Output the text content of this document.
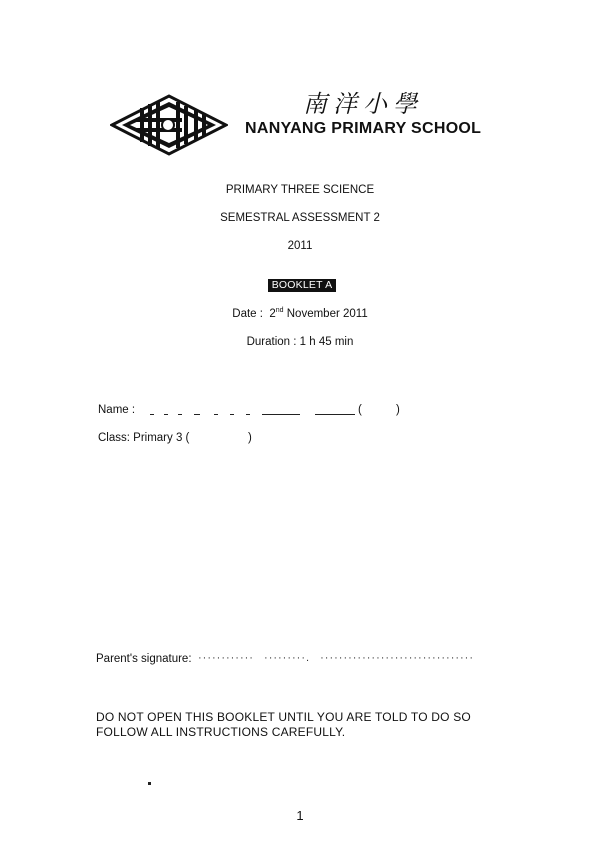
南洋小學
NANYANG PRIMARY SCHOOL
PRIMARY THREE SCIENCE
SEMESTRAL ASSESSMENT 2
2011
BOOKLET A
Date : 2nd November 2011
Duration : 1 h 45 min
Name :	(	)
Class: Primary 3 (	)
Parent's signature: ············ ·········. ·································
DO NOT OPEN THIS BOOKLET UNTIL YOU ARE TOLD TO DO SO
FOLLOW ALL INSTRUCTIONS CAREFULLY.
1
